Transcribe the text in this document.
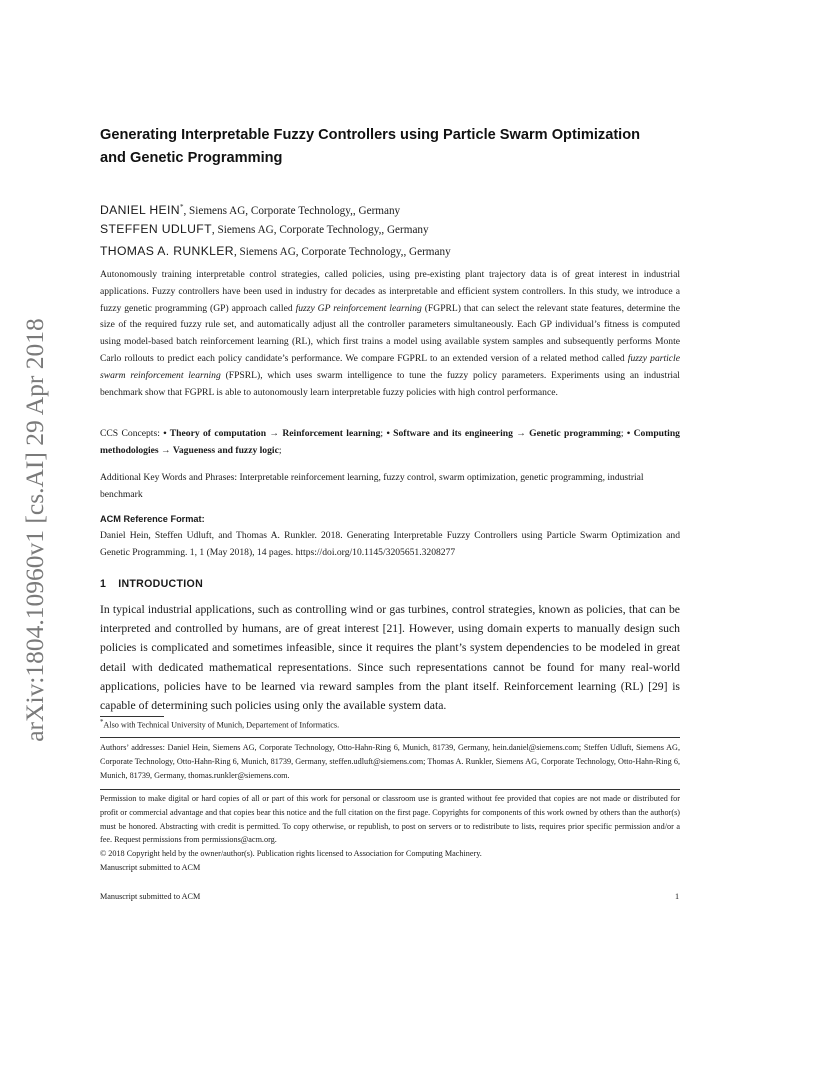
arXiv:1804.10960v1 [cs.AI] 29 Apr 2018
Generating Interpretable Fuzzy Controllers using Particle Swarm Optimization
and Genetic Programming
DANIEL HEIN*, Siemens AG, Corporate Technology,, Germany
STEFFEN UDLUFT, Siemens AG, Corporate Technology,, Germany
THOMAS A. RUNKLER, Siemens AG, Corporate Technology,, Germany
Autonomously training interpretable control strategies, called policies, using pre-existing plant trajectory data is of great interest in industrial applications. Fuzzy controllers have been used in industry for decades as interpretable and efficient system controllers. In this study, we introduce a fuzzy genetic programming (GP) approach called fuzzy GP reinforcement learning (FGPRL) that can select the relevant state features, determine the size of the required fuzzy rule set, and automatically adjust all the controller parameters simultaneously. Each GP individual’s fitness is computed using model-based batch reinforcement learning (RL), which first trains a model using available system samples and subsequently performs Monte Carlo rollouts to predict each policy candidate’s performance. We compare FGPRL to an extended version of a related method called fuzzy particle swarm reinforcement learning (FPSRL), which uses swarm intelligence to tune the fuzzy policy parameters. Experiments using an industrial benchmark show that FGPRL is able to autonomously learn interpretable fuzzy policies with high control performance.
CCS Concepts: • Theory of computation → Reinforcement learning; • Software and its engineering → Genetic programming; • Computing methodologies → Vagueness and fuzzy logic;
Additional Key Words and Phrases: Interpretable reinforcement learning, fuzzy control, swarm optimization, genetic programming, industrial benchmark
ACM Reference Format:
Daniel Hein, Steffen Udluft, and Thomas A. Runkler. 2018. Generating Interpretable Fuzzy Controllers using Particle Swarm Optimization and Genetic Programming. 1, 1 (May 2018), 14 pages. https://doi.org/10.1145/3205651.3208277
1 INTRODUCTION
In typical industrial applications, such as controlling wind or gas turbines, control strategies, known as policies, that can be interpreted and controlled by humans, are of great interest [21]. However, using domain experts to manually design such policies is complicated and sometimes infeasible, since it requires the plant’s system dependencies to be modeled in great detail with dedicated mathematical representations. Since such representations cannot be found for many real-world applications, policies have to be learned via reward samples from the plant itself. Reinforcement learning (RL) [29] is capable of determining such policies using only the available system data.
*Also with Technical University of Munich, Departement of Informatics.
Authors’ addresses: Daniel Hein, Siemens AG, Corporate Technology, Otto-Hahn-Ring 6, Munich, 81739, Germany, hein.daniel@siemens.com; Steffen Udluft, Siemens AG, Corporate Technology, Otto-Hahn-Ring 6, Munich, 81739, Germany, steffen.udluft@siemens.com; Thomas A. Runkler, Siemens AG, Corporate Technology, Otto-Hahn-Ring 6, Munich, 81739, Germany, thomas.runkler@siemens.com.
Permission to make digital or hard copies of all or part of this work for personal or classroom use is granted without fee provided that copies are not made or distributed for profit or commercial advantage and that copies bear this notice and the full citation on the first page. Copyrights for components of this work owned by others than the author(s) must be honored. Abstracting with credit is permitted. To copy otherwise, or republish, to post on servers or to redistribute to lists, requires prior specific permission and/or a fee. Request permissions from permissions@acm.org.
© 2018 Copyright held by the owner/author(s). Publication rights licensed to Association for Computing Machinery.
Manuscript submitted to ACM
Manuscript submitted to ACM	1
